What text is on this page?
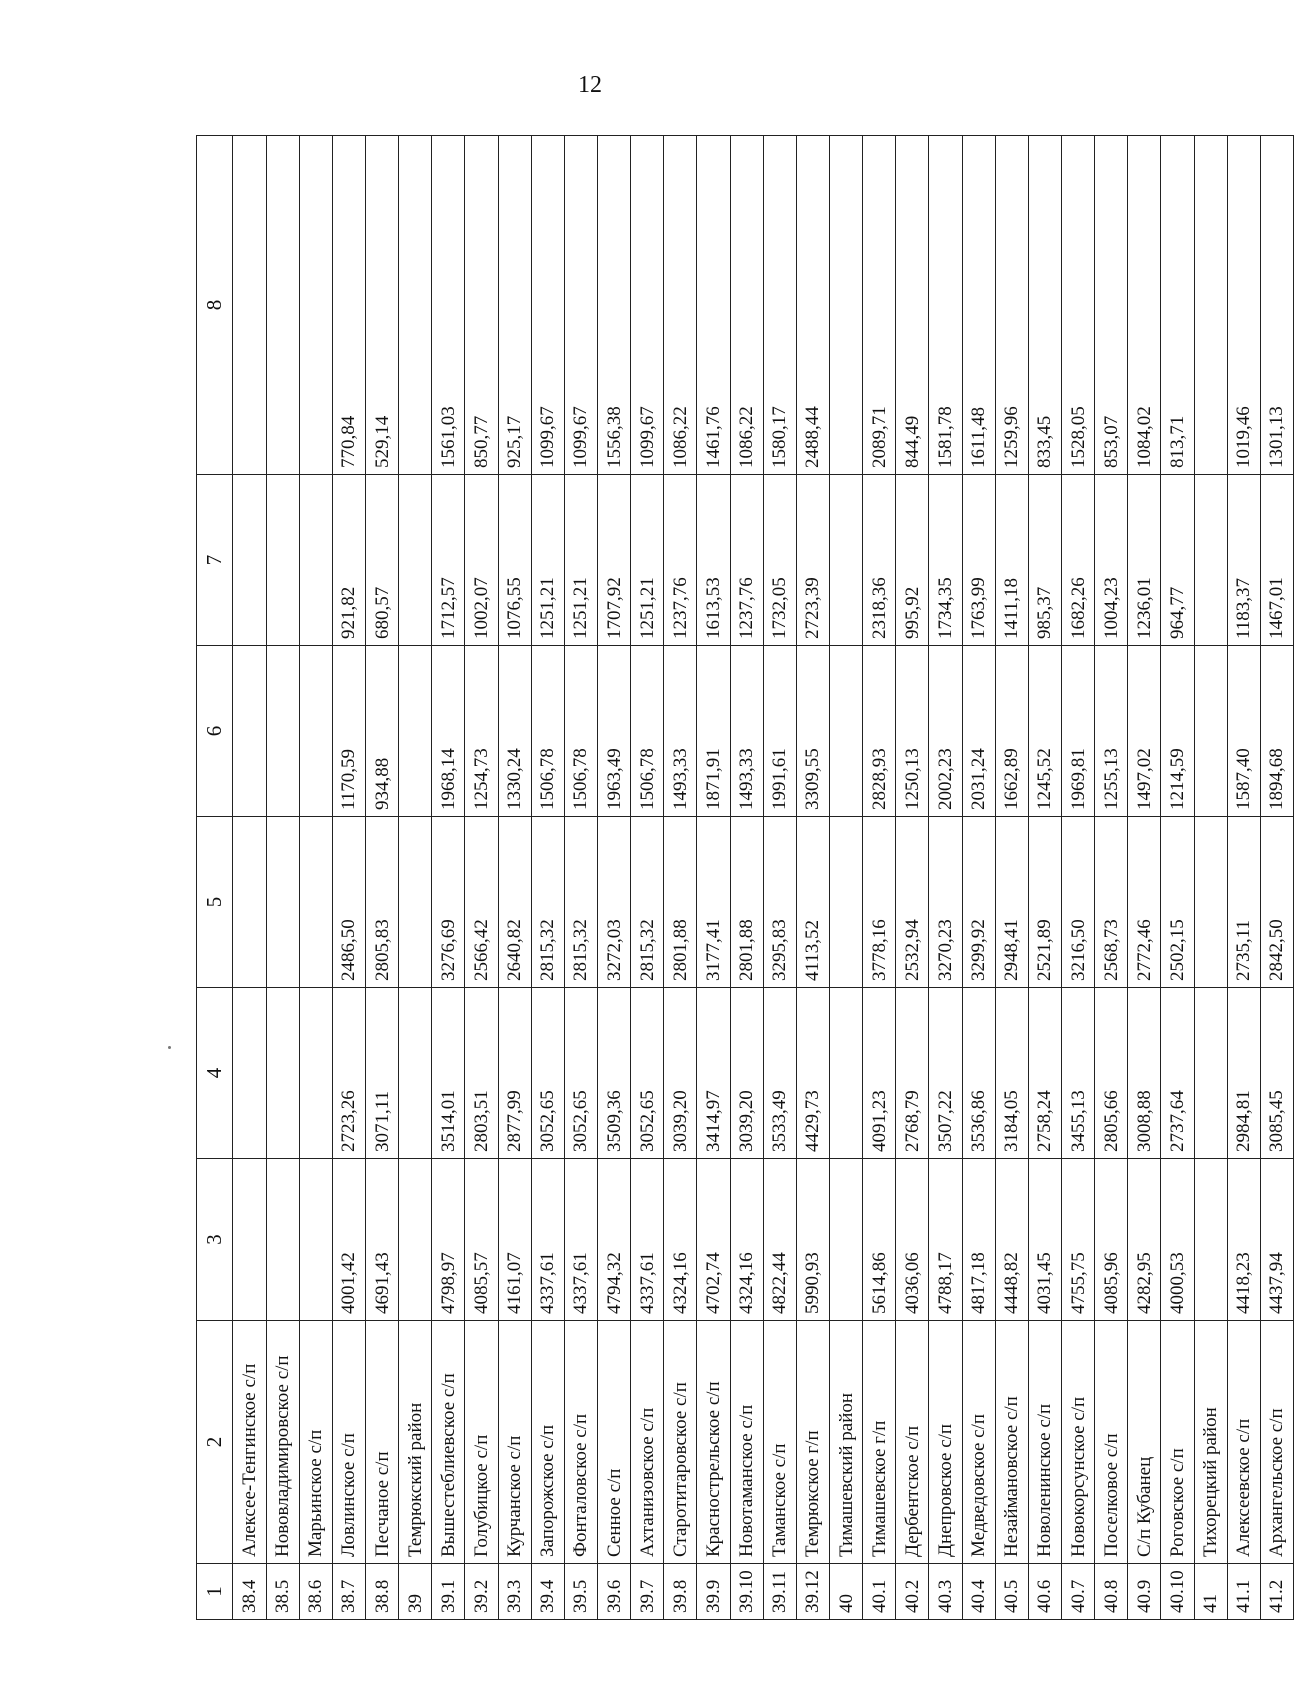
12
1	2	3	4	5	6	7	8
38.4	Алексее-Тенгинское с/п						
38.5	Нововладимировское с/п						
38.6	Марьинское с/п						
38.7	Ловлинское с/п	4001,42	2723,26	2486,50	1170,59	921,82	770,84
38.8	Песчаное с/п	4691,43	3071,11	2805,83	934,88	680,57	529,14
39	Темрюкский район						
39.1	Вышестеблиевское с/п	4798,97	3514,01	3276,69	1968,14	1712,57	1561,03
39.2	Голубицкое с/п	4085,57	2803,51	2566,42	1254,73	1002,07	850,77
39.3	Курчанское с/п	4161,07	2877,99	2640,82	1330,24	1076,55	925,17
39.4	Запорожское с/п	4337,61	3052,65	2815,32	1506,78	1251,21	1099,67
39.5	Фонталовское с/п	4337,61	3052,65	2815,32	1506,78	1251,21	1099,67
39.6	Сенное с/п	4794,32	3509,36	3272,03	1963,49	1707,92	1556,38
39.7	Ахтанизовское с/п	4337,61	3052,65	2815,32	1506,78	1251,21	1099,67
39.8	Старотитаровское с/п	4324,16	3039,20	2801,88	1493,33	1237,76	1086,22
39.9	Краснострельское с/п	4702,74	3414,97	3177,41	1871,91	1613,53	1461,76
39.10	Новотаманское с/п	4324,16	3039,20	2801,88	1493,33	1237,76	1086,22
39.11	Таманское с/п	4822,44	3533,49	3295,83	1991,61	1732,05	1580,17
39.12	Темрюкское г/п	5990,93	4429,73	4113,52	3309,55	2723,39	2488,44
40	Тимашевский район						
40.1	Тимашевское г/п	5614,86	4091,23	3778,16	2828,93	2318,36	2089,71
40.2	Дербентское с/п	4036,06	2768,79	2532,94	1250,13	995,92	844,49
40.3	Днепровское с/п	4788,17	3507,22	3270,23	2002,23	1734,35	1581,78
40.4	Медведовское с/п	4817,18	3536,86	3299,92	2031,24	1763,99	1611,48
40.5	Незаймановское с/п	4448,82	3184,05	2948,41	1662,89	1411,18	1259,96
40.6	Новоленинское с/п	4031,45	2758,24	2521,89	1245,52	985,37	833,45
40.7	Новокорсунское с/п	4755,75	3455,13	3216,50	1969,81	1682,26	1528,05
40.8	Поселковое с/п	4085,96	2805,66	2568,73	1255,13	1004,23	853,07
40.9	С/п Кубанец	4282,95	3008,88	2772,46	1497,02	1236,01	1084,02
40.10	Роговское с/п	4000,53	2737,64	2502,15	1214,59	964,77	813,71
41	Тихорецкий район						
41.1	Алексеевское с/п	4418,23	2984,81	2735,11	1587,40	1183,37	1019,46
41.2	Архангельское с/п	4437,94	3085,45	2842,50	1894,68	1467,01	1301,13
